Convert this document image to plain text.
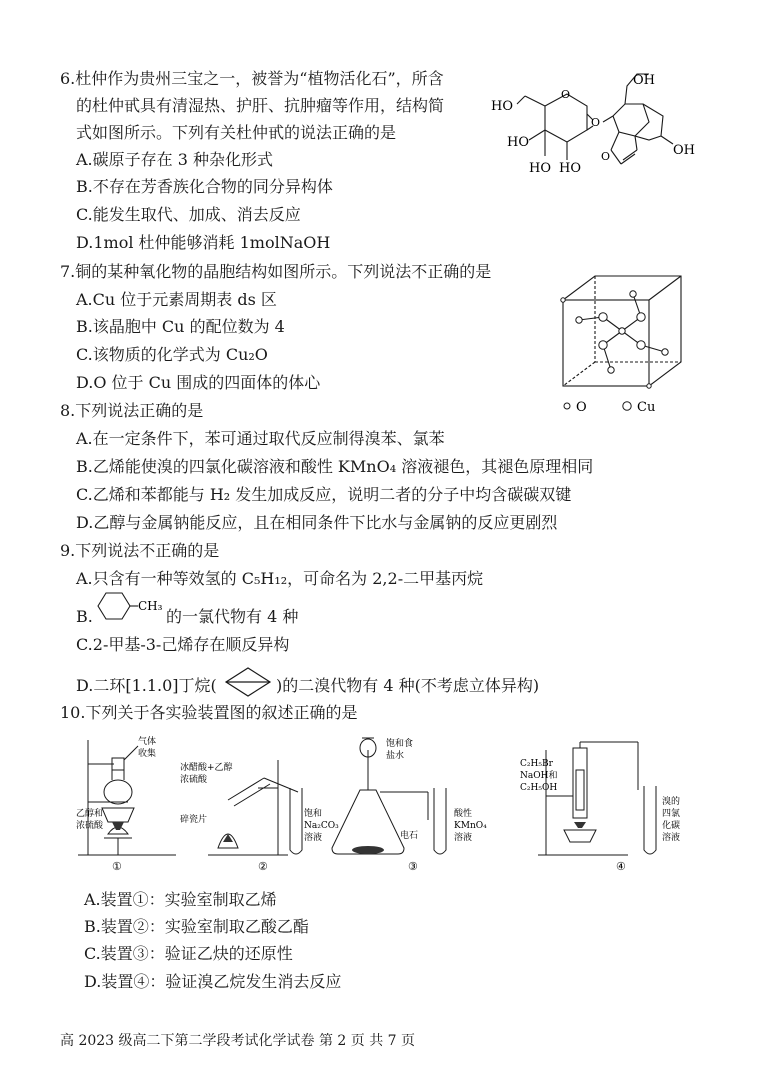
6.杜仲作为贵州三宝之一，被誉为“植物活化石”，所含
的杜仲甙具有清湿热、护肝、抗肿瘤等作用，结构简
式如图所示。下列有关杜仲甙的说法正确的是
A.碳原子存在 3 种杂化形式
B.不存在芳香族化合物的同分异构体
C.能发生取代、加成、消去反应
D.1mol 杜仲能够消耗 1molNaOH
OH
HO
HO
HO HO
OH
O
O
O
7.铜的某种氧化物的晶胞结构如图所示。下列说法不正确的是
A.Cu 位于元素周期表 ds 区
B.该晶胞中 Cu 的配位数为 4
C.该物质的化学式为 Cu₂O
D.O 位于 Cu 围成的四面体的体心
O	Cu
8.下列说法正确的是
A.在一定条件下，苯可通过取代反应制得溴苯、氯苯
B.乙烯能使溴的四氯化碳溶液和酸性 KMnO₄ 溶液褪色，其褪色原理相同
C.乙烯和苯都能与 H₂ 发生加成反应，说明二者的分子中均含碳碳双键
D.乙醇与金属钠能反应，且在相同条件下比水与金属钠的反应更剧烈
9.下列说法不正确的是
A.只含有一种等效氢的 C₅H₁₂，可命名为 2,2-二甲基丙烷
B.
CH₃
的一氯代物有 4 种
C.2-甲基-3-己烯存在顺反异构
D.二环[1.1.0]丁烷(	)的二溴代物有 4 种(不考虑立体异构)
10.下列关于各实验装置图的叙述正确的是
气体
收集
乙醇和
浓硫酸
①
冰醋酸+乙醇
浓硫酸
碎瓷片
饱和
Na₂CO₃
溶液
②
饱和食
盐水
电石
酸性
KMnO₄
溶液
③
C₂H₅Br
NaOH和
C₂H₅OH
溴的
四氯
化碳
溶液
④
A.装置①：实验室制取乙烯
B.装置②：实验室制取乙酸乙酯
C.装置③：验证乙炔的还原性
D.装置④：验证溴乙烷发生消去反应
高 2023 级高二下第二学段考试化学试卷 第 2 页 共 7 页
